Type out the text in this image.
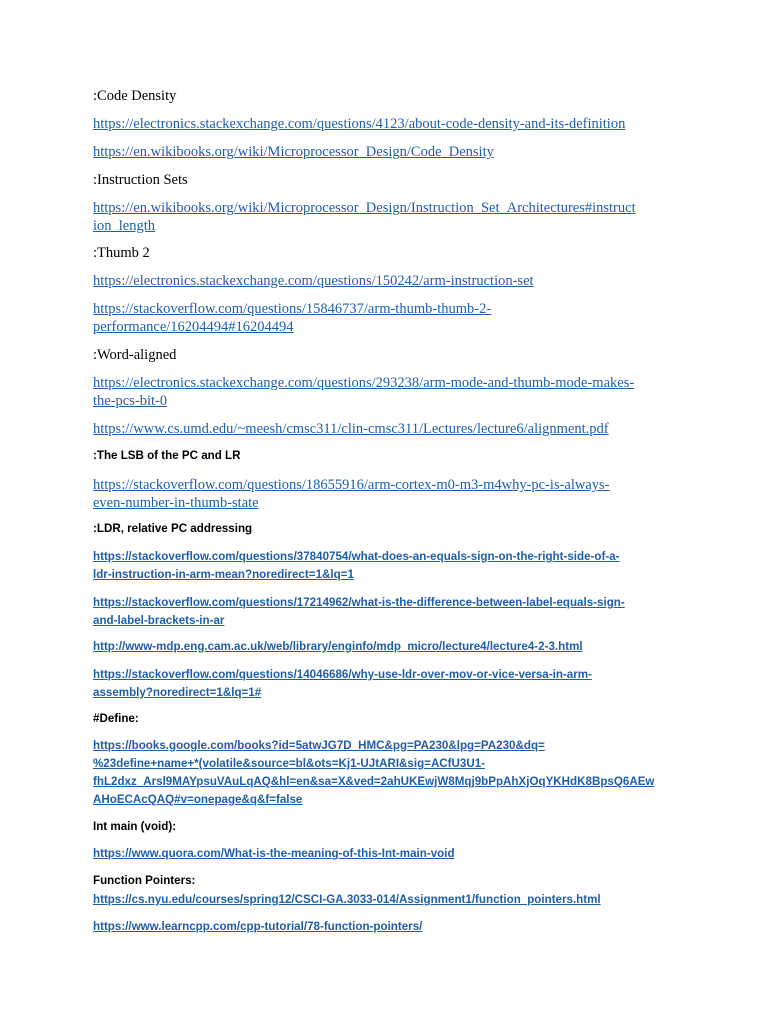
:Code Density

https://electronics.stackexchange.com/questions/4123/about-code-density-and-its-definition

https://en.wikibooks.org/wiki/Microprocessor_Design/Code_Density

:Instruction Sets

https://en.wikibooks.org/wiki/Microprocessor_Design/Instruction_Set_Architectures#instruct
ion_length

:Thumb 2

https://electronics.stackexchange.com/questions/150242/arm-instruction-set

https://stackoverflow.com/questions/15846737/arm-thumb-thumb-2-
performance/16204494#16204494

:Word-aligned

https://electronics.stackexchange.com/questions/293238/arm-mode-and-thumb-mode-makes-
the-pcs-bit-0

https://www.cs.umd.edu/~meesh/cmsc311/clin-cmsc311/Lectures/lecture6/alignment.pdf

:The LSB of the PC and LR

https://stackoverflow.com/questions/18655916/arm-cortex-m0-m3-m4why-pc-is-always-
even-number-in-thumb-state

:LDR, relative PC addressing

https://stackoverflow.com/questions/37840754/what-does-an-equals-sign-on-the-right-side-of-a-
ldr-instruction-in-arm-mean?noredirect=1&lq=1

https://stackoverflow.com/questions/17214962/what-is-the-difference-between-label-equals-sign-
and-label-brackets-in-ar

http://www-mdp.eng.cam.ac.uk/web/library/enginfo/mdp_micro/lecture4/lecture4-2-3.html

https://stackoverflow.com/questions/14046686/why-use-ldr-over-mov-or-vice-versa-in-arm-
assembly?noredirect=1&lq=1#

#Define:

https://books.google.com/books?id=5atwJG7D_HMC&pg=PA230&lpg=PA230&dq=
%23define+name+*(volatile&source=bl&ots=Kj1-UJtARI&sig=ACfU3U1-
fhL2dxz_Arsl9MAYpsuVAuLqAQ&hl=en&sa=X&ved=2ahUKEwjW8Mqj9bPpAhXjOqYKHdK8BpsQ6AEw
AHoECAcQAQ#v=onepage&q&f=false

Int main (void):

https://www.quora.com/What-is-the-meaning-of-this-Int-main-void

Function Pointers:

https://cs.nyu.edu/courses/spring12/CSCI-GA.3033-014/Assignment1/function_pointers.html

https://www.learncpp.com/cpp-tutorial/78-function-pointers/
